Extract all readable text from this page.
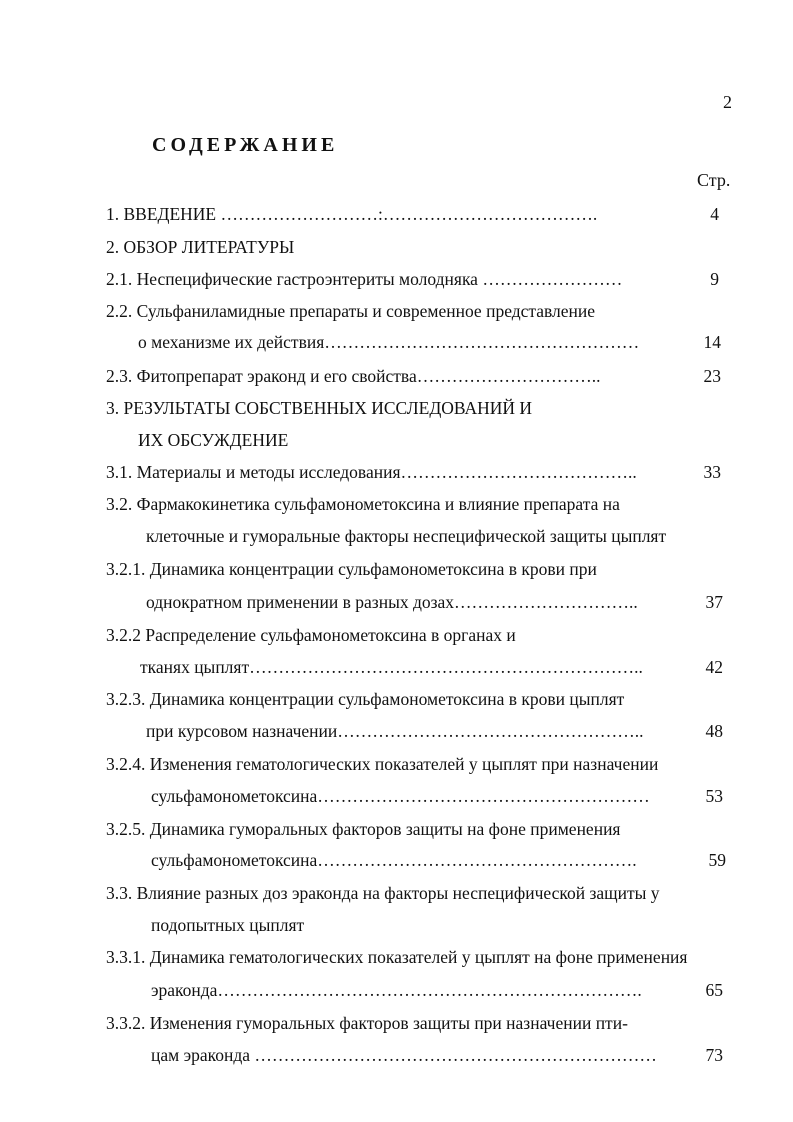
2
СОДЕРЖАНИЕ
Стр.
1. ВВЕДЕНИЕ ………………………:……………………………….	4
2. ОБЗОР ЛИТЕРАТУРЫ
2.1. Неспецифические гастроэнтериты молодняка ……………………	9
2.2. Сульфаниламидные препараты и современное представление
о механизме их действия………………………………………………	14
2.3. Фитопрепарат эраконд и его свойства…………………………..	23
3. РЕЗУЛЬТАТЫ СОБСТВЕННЫХ ИССЛЕДОВАНИЙ И
ИХ ОБСУЖДЕНИЕ
3.1. Материалы и методы исследования…………………………………..	33
3.2. Фармакокинетика сульфамонометоксина и влияние препарата на
клеточные и гуморальные факторы неспецифической защиты цыплят
3.2.1. Динамика концентрации сульфамонометоксина в крови при
однократном применении в разных дозах…………………………..	37
3.2.2 Распределение сульфамонометоксина в органах и
тканях цыплят…………………………………………………………..	42
3.2.3. Динамика концентрации сульфамонометоксина в крови цыплят
при курсовом назначении……………………………………………..	48
3.2.4. Изменения гематологических показателей у цыплят при назначении
сульфамонометоксина…………………………………………………	53
3.2.5. Динамика гуморальных факторов защиты на фоне применения
сульфамонометоксина……………………………………………….	59
3.3. Влияние разных доз эраконда на факторы неспецифической защиты у
подопытных цыплят
3.3.1. Динамика гематологических показателей у цыплят на фоне применения
эраконда……………………………………………………………….	65
3.3.2. Изменения гуморальных факторов защиты при назначении пти-
цам эраконда ……………………………………………………………	73
